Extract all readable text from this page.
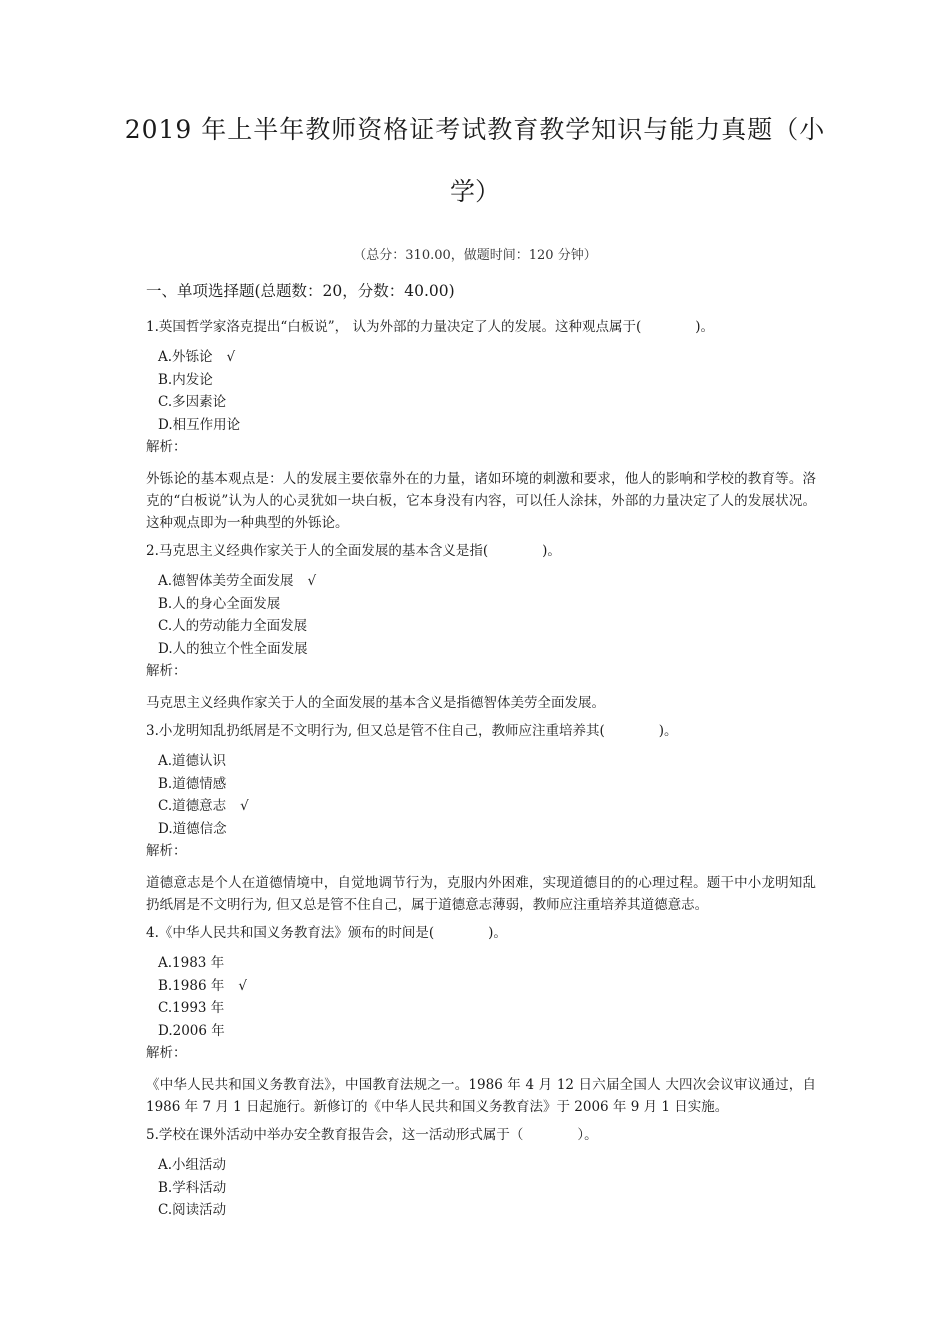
2019 年上半年教师资格证考试教育教学知识与能力真题（小
学）
（总分：310.00，做题时间：120 分钟）
一、单项选择题(总题数：20，分数：40.00)
1.英国哲学家洛克提出“白板说”， 认为外部的力量决定了人的发展。这种观点属于(　　　　)。
A.外铄论 √
B.内发论
C.多因素论
D.相互作用论
解析：
外铄论的基本观点是：人的发展主要依靠外在的力量，诸如环境的刺激和要求，他人的影响和学校的教育等。洛克的“白板说”认为人的心灵犹如一块白板，它本身没有内容，可以任人涂抹，外部的力量决定了人的发展状况。这种观点即为一种典型的外铄论。
2.马克思主义经典作家关于人的全面发展的基本含义是指(　　　　)。
A.德智体美劳全面发展 √
B.人的身心全面发展
C.人的劳动能力全面发展
D.人的独立个性全面发展
解析：
马克思主义经典作家关于人的全面发展的基本含义是指德智体美劳全面发展。
3.小龙明知乱扔纸屑是不文明行为, 但又总是管不住自己，教师应注重培养其(　　　　)。
A.道德认识
B.道德情感
C.道德意志 √
D.道德信念
解析：
道德意志是个人在道德情境中，自觉地调节行为，克服内外困难，实现道德目的的心理过程。题干中小龙明知乱扔纸屑是不文明行为, 但又总是管不住自己，属于道德意志薄弱，教师应注重培养其道德意志。
4.《中华人民共和国义务教育法》颁布的时间是(　　　　)。
A.1983 年
B.1986 年 √
C.1993 年
D.2006 年
解析：
《中华人民共和国义务教育法》，中国教育法规之一。1986 年 4 月 12 日六届全国人 大四次会议审议通过，自 1986 年 7 月 1 日起施行。新修订的《中华人民共和国义务教育法》于 2006 年 9 月 1 日实施。
5.学校在课外活动中举办安全教育报告会，这一活动形式属于（　　　　）。
A.小组活动
B.学科活动
C.阅读活动
